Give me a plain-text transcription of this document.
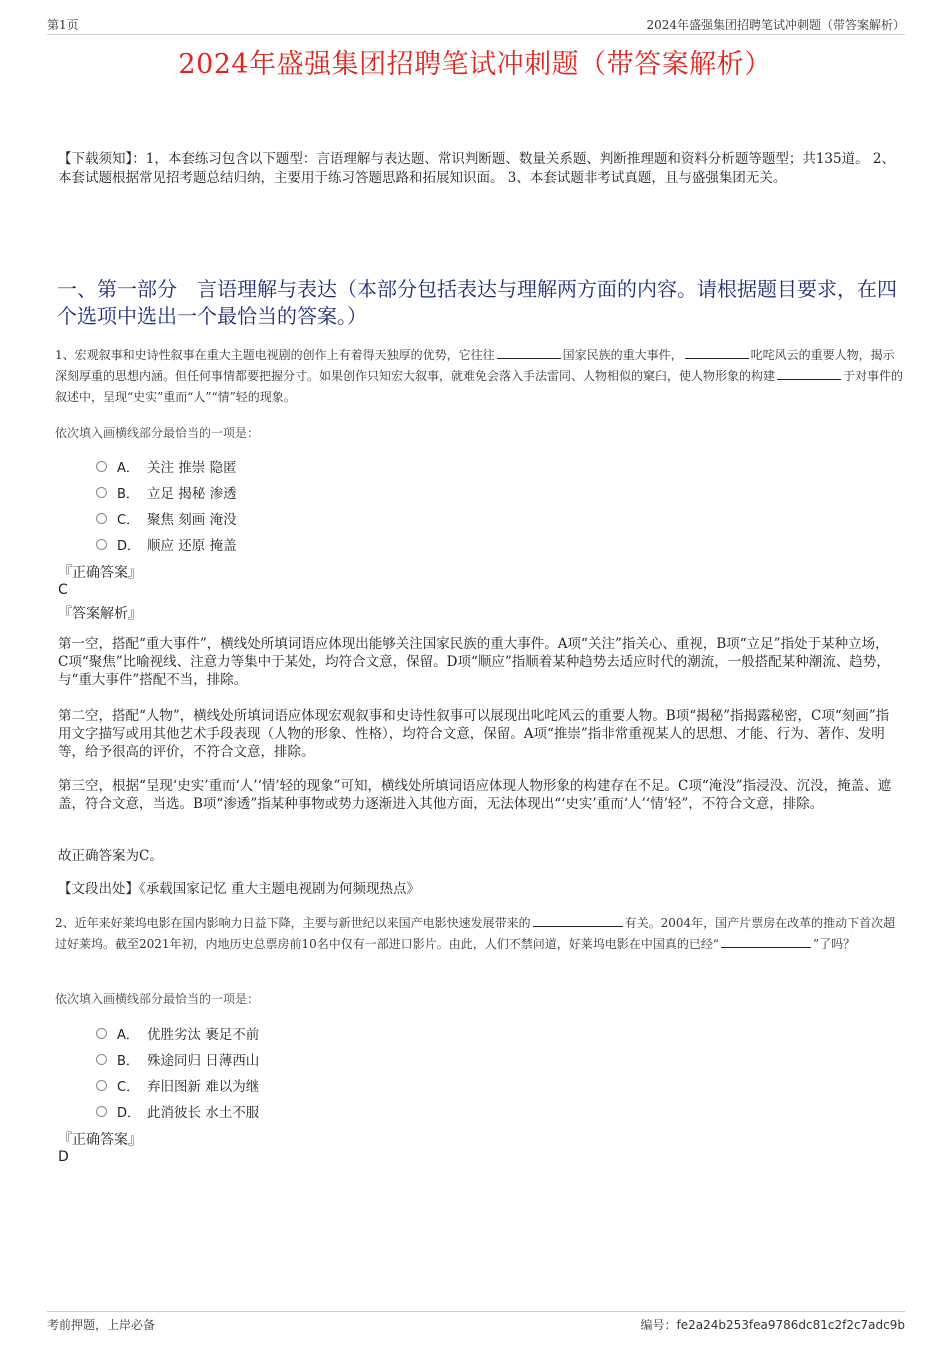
第1页	2024年盛强集团招聘笔试冲刺题（带答案解析）
2024年盛强集团招聘笔试冲刺题（带答案解析）
【下载须知】：1，本套练习包含以下题型：言语理解与表达题、常识判断题、数量关系题、判断推理题和资料分析题等题型；共135道。 2、本套试题根据常见招考题总结归纳，主要用于练习答题思路和拓展知识面。 3、本套试题非考试真题，且与盛强集团无关。
一、第一部分　言语理解与表达（本部分包括表达与理解两方面的内容。请根据题目要求，在四个选项中选出一个最恰当的答案。）
1、宏观叙事和史诗性叙事在重大主题电视剧的创作上有着得天独厚的优势，它往往	国家民族的重大事件，	叱咤风云的重要人物，揭示深刻厚重的思想内涵。但任何事情都要把握分寸。如果创作只知宏大叙事，就难免会落入手法雷同、人物相似的窠臼，使人物形象的构建	于对事件的叙述中，呈现“史实”重而“人”“情”轻的现象。
依次填入画横线部分最恰当的一项是：
A． 关注 推崇 隐匿
B． 立足 揭秘 渗透
C． 聚焦 刻画 淹没
D． 顺应 还原 掩盖
『正确答案』
C
『答案解析』
第一空，搭配“重大事件”，横线处所填词语应体现出能够关注国家民族的重大事件。A项“关注”指关心、重视，B项“立足”指处于某种立场，C项“聚焦”比喻视线、注意力等集中于某处，均符合文意，保留。D项“顺应”指顺着某种趋势去适应时代的潮流，一般搭配某种潮流、趋势，与“重大事件”搭配不当，排除。
第二空，搭配“人物”，横线处所填词语应体现宏观叙事和史诗性叙事可以展现出叱咤风云的重要人物。B项“揭秘”指揭露秘密，C项“刻画”指用文字描写或用其他艺术手段表现（人物的形象、性格），均符合文意，保留。A项“推崇”指非常重视某人的思想、才能、行为、著作、发明等，给予很高的评价，不符合文意，排除。
第三空，根据“呈现‘史实’重而‘人’‘情’轻的现象”可知，横线处所填词语应体现人物形象的构建存在不足。C项“淹没”指浸没、沉没，掩盖、遮盖，符合文意，当选。B项“渗透”指某种事物或势力逐渐进入其他方面，无法体现出“‘史实’重而‘人’‘情’轻”，不符合文意，排除。
故正确答案为C。
【文段出处】《承载国家记忆 重大主题电视剧为何频现热点》
2、近年来好莱坞电影在国内影响力日益下降，主要与新世纪以来国产电影快速发展带来的	有关。2004年，国产片票房在改革的推动下首次超过好莱坞。截至2021年初，内地历史总票房前10名中仅有一部进口影片。由此，人们不禁问道，好莱坞电影在中国真的已经“	”了吗？
依次填入画横线部分最恰当的一项是：
A． 优胜劣汰 裹足不前
B． 殊途同归 日薄西山
C． 弃旧图新 难以为继
D． 此消彼长 水土不服
『正确答案』
D
考前押题，上岸必备	编号：fe2a24b253fea9786dc81c2f2c7adc9b
